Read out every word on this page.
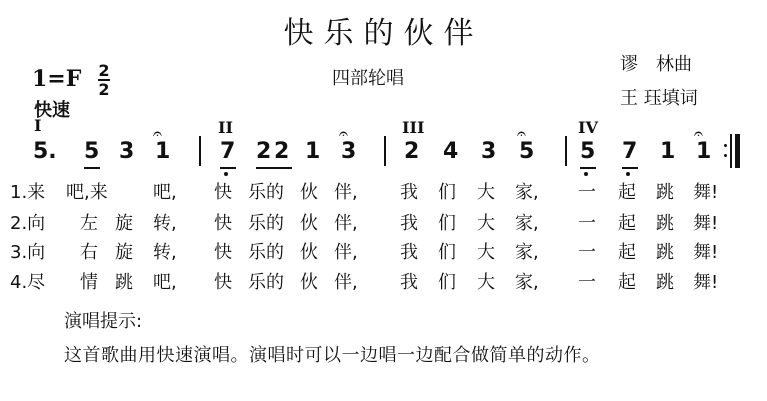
快乐的伙伴
四部轮唱
谬　林曲
王 珏填词
1=F 2
2
快速
I	II	III	IV
5. 5 3 1 7 2 2 1 3 2 4 3 5 5 7 1 1
𝄐	𝄐	𝄐	𝄐
1.来 吧,来	吧, 快 乐的 伙 伴, 我 们 大 家, 一 起 跳 舞!
2.向 左 旋 转, 快 乐的 伙 伴, 我 们 大 家, 一 起 跳 舞!
3.向 右 旋 转, 快 乐的 伙 伴, 我 们 大 家, 一 起 跳 舞!
4.尽 情 跳 吧, 快 乐的 伙 伴, 我 们 大 家, 一 起 跳 舞!
演唱提示:
这首歌曲用快速演唱。演唱时可以一边唱一边配合做简单的动作。
